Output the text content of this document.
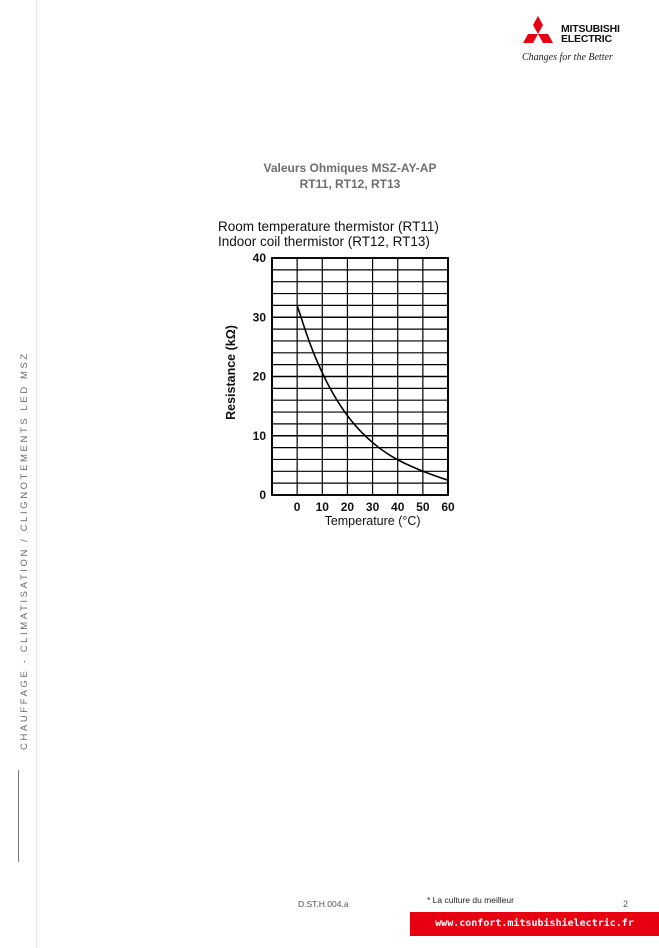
CHAUFFAGE - CLIMATISATION / CLIGNOTEMENTS LED MSZ
MITSUBISHI
ELECTRIC
Changes for the Better
Valeurs Ohmiques MSZ-AY-AP
RT11, RT12, RT13
Room temperature thermistor (RT11)
Indoor coil thermistor (RT12, RT13)
0 10 20 30 40 50 60
0
10
20
30
40
Temperature (°C)
Resistance (kΩ)
D.ST.H.004.a	* La culture du meilleur	2
www.confort.mitsubishielectric.fr
